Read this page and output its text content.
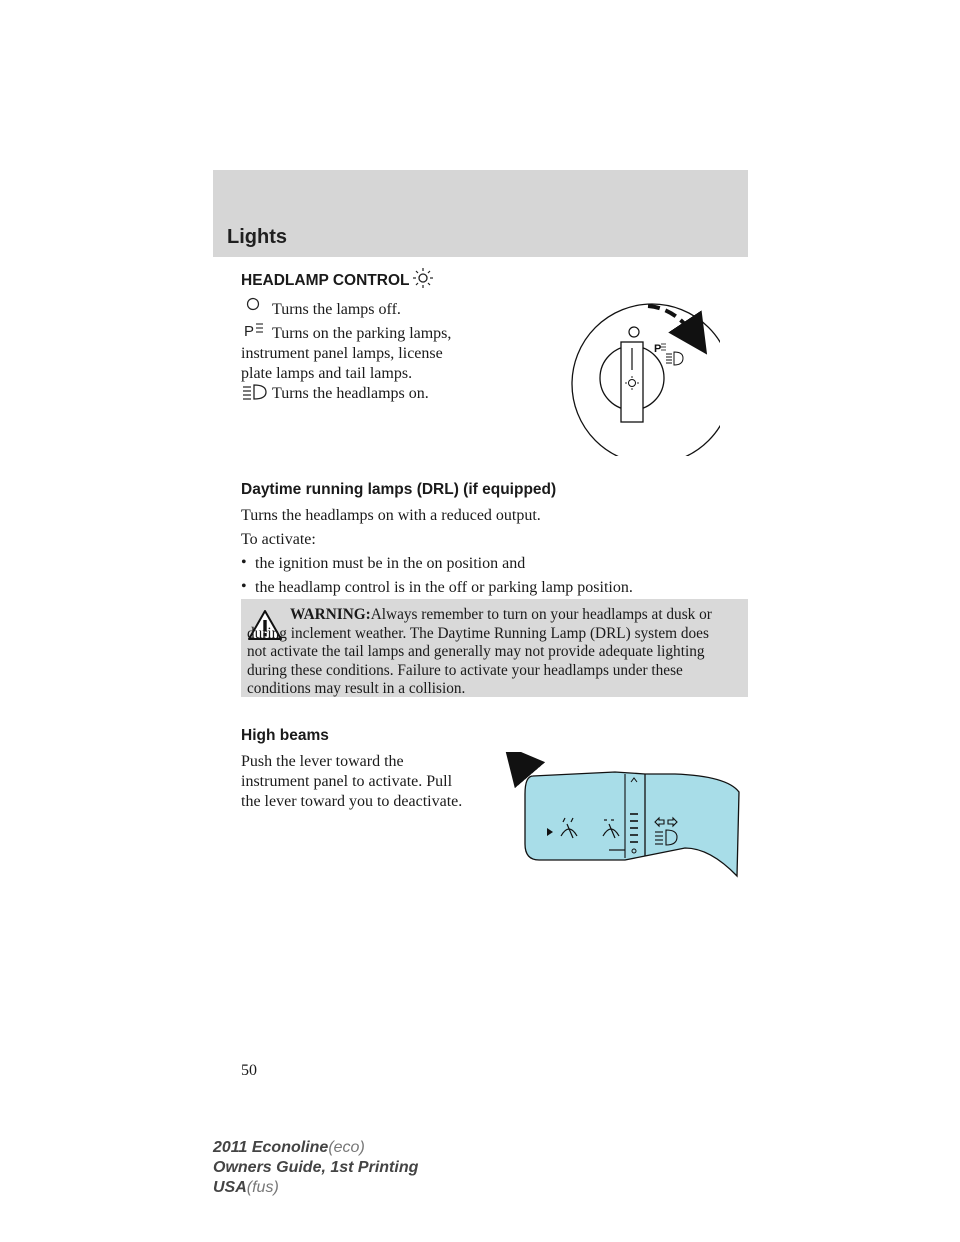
Lights
HEADLAMP CONTROL
Turns the lamps off.
P Turns on the parking lamps,
instrument panel lamps, license
plate lamps and tail lamps.
Turns the headlamps on.
P
Daytime running lamps (DRL) (if equipped)
Turns the headlamps on with a reduced output.
To activate:
• the ignition must be in the on position and
• the headlamp control is in the off or parking lamp position.
WARNING:Always remember to turn on your headlamps at dusk or during inclement weather. The Daytime Running Lamp (DRL) system does not activate the tail lamps and generally may not provide adequate lighting during these conditions. Failure to activate your headlamps under these conditions may result in a collision.
High beams
Push the lever toward the
instrument panel to activate. Pull
the lever toward you to deactivate.
50
2011 Econoline(eco)
Owners Guide, 1st Printing
USA(fus)
